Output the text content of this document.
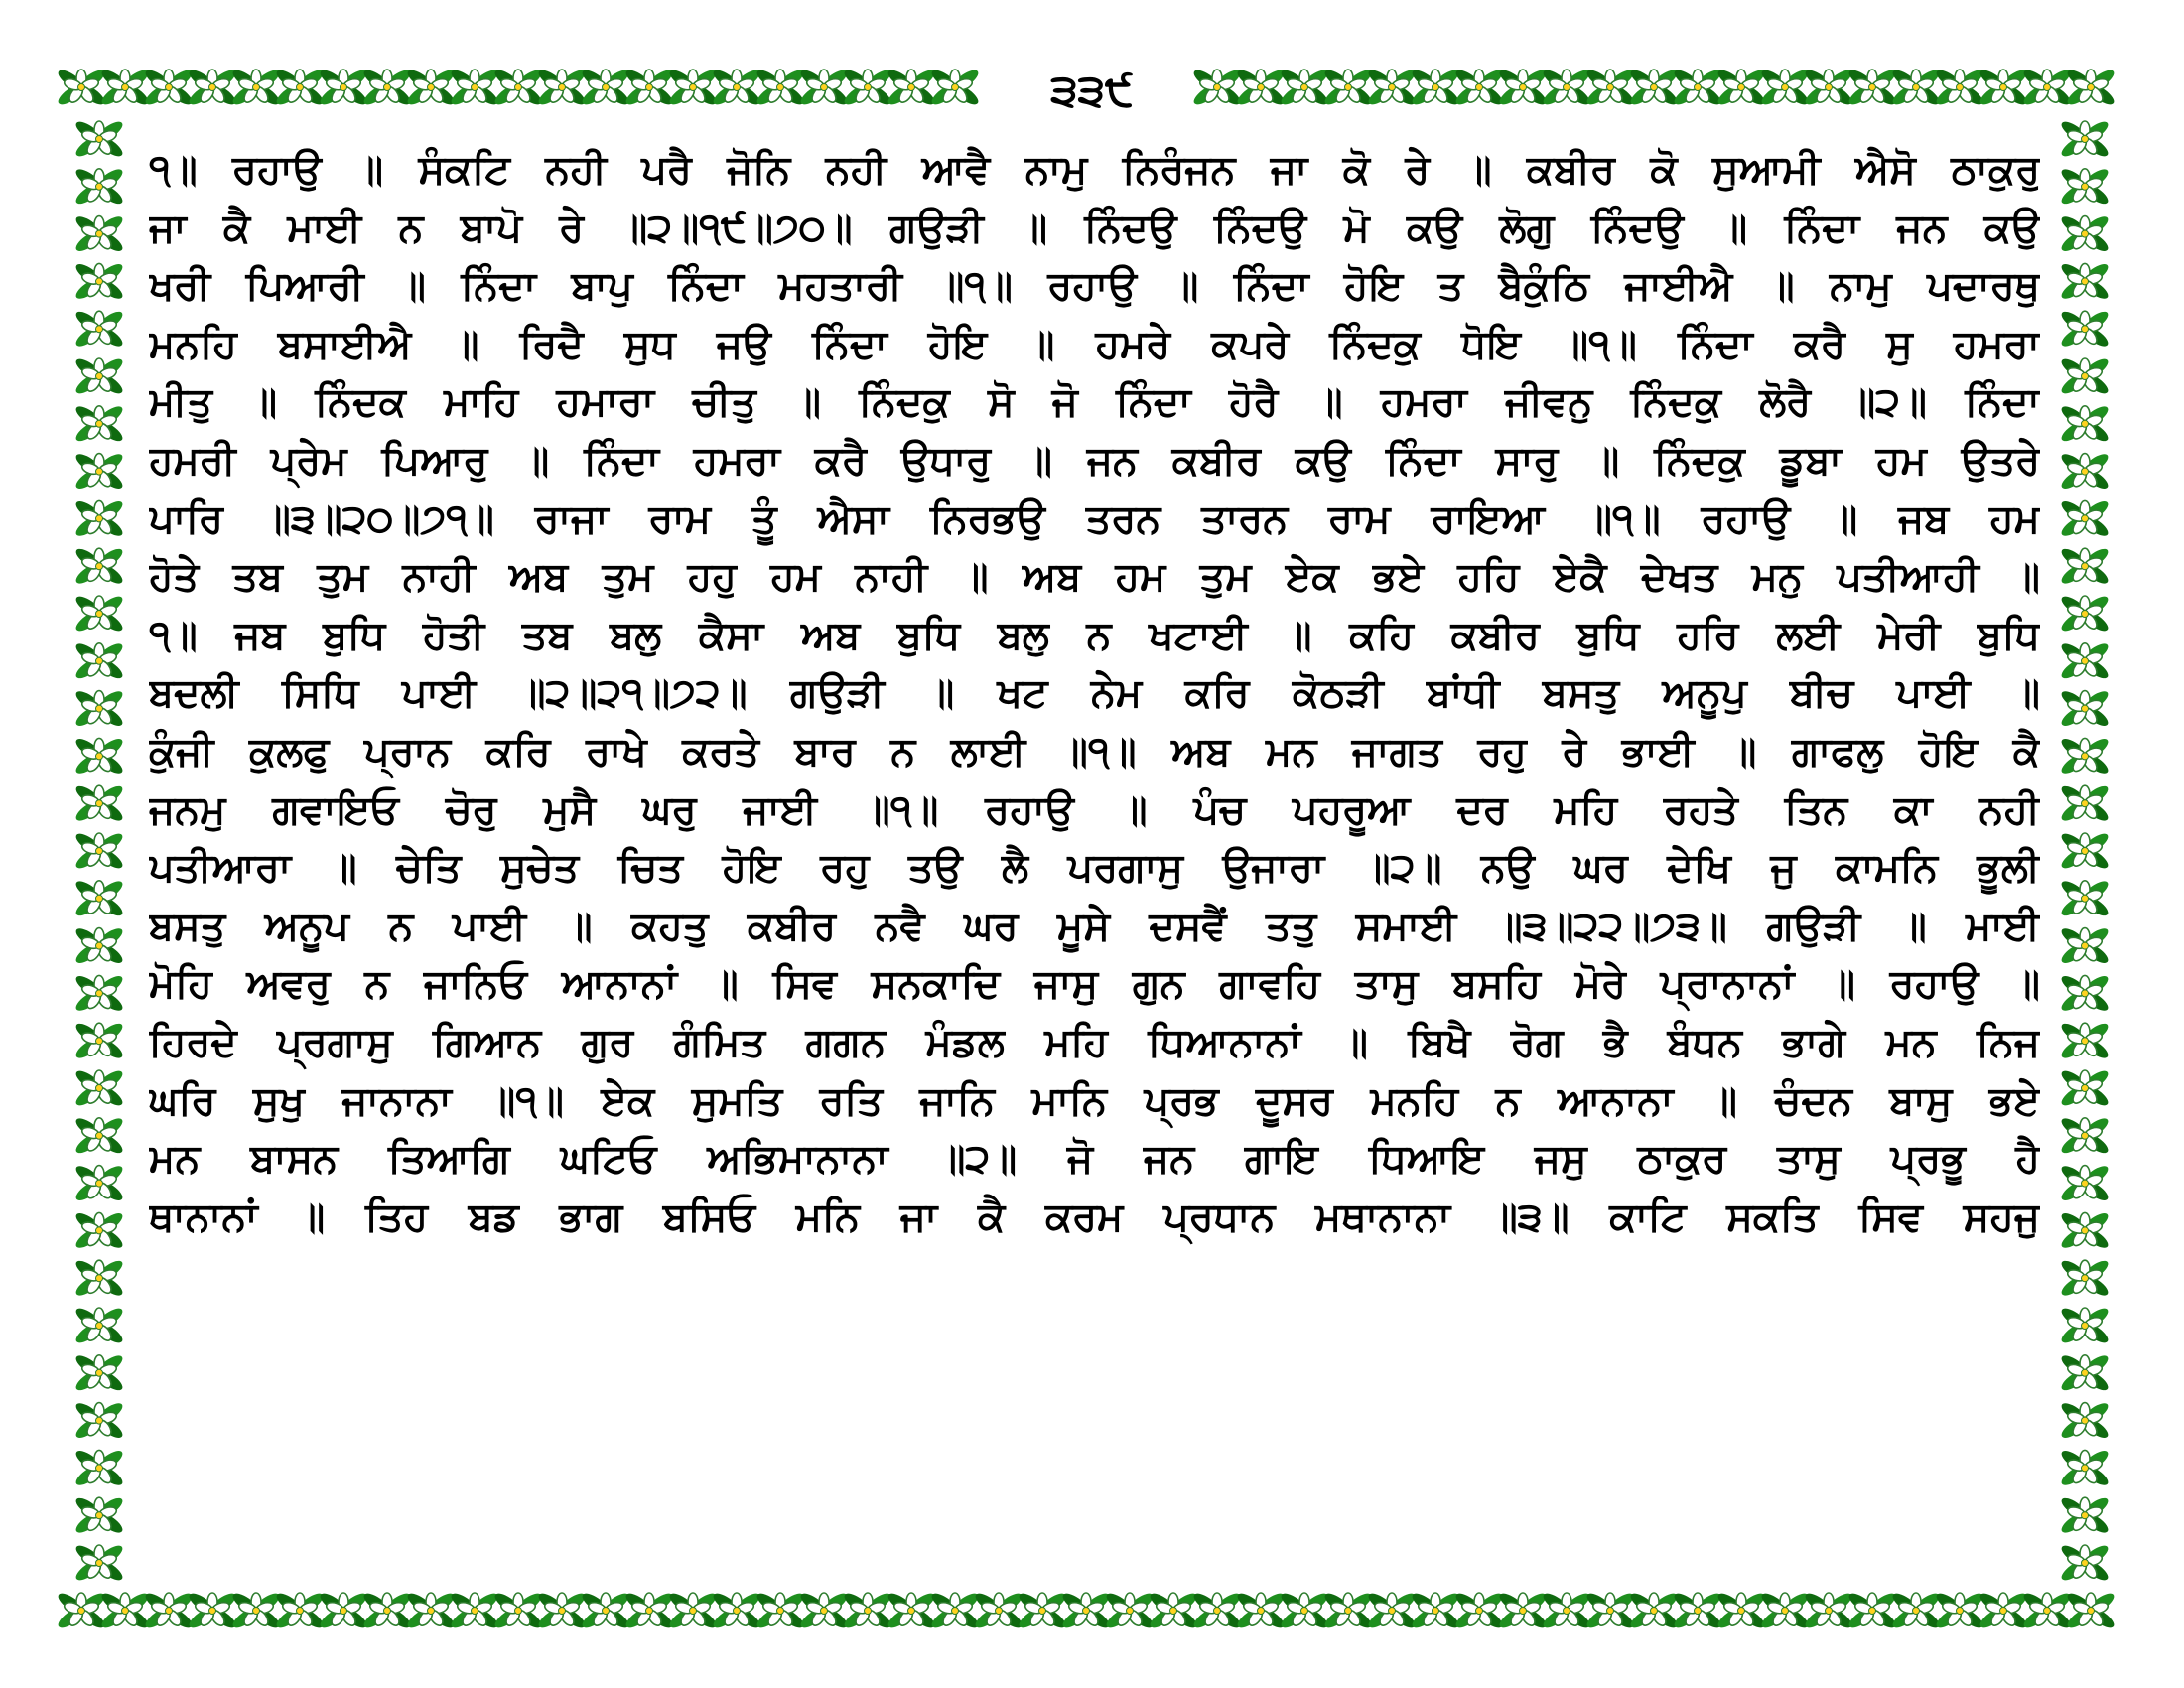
੩੩੯
੧॥ ਰਹਾਉ ॥ ਸੰਕਟਿ ਨਹੀ ਪਰੈ ਜੋਨਿ ਨਹੀ ਆਵੈ ਨਾਮੁ ਨਿਰੰਜਨ ਜਾ ਕੋ ਰੇ ॥ ਕਬੀਰ ਕੋ ਸੁਆਮੀ ਐਸੋ ਠਾਕੁਰੁ
ਜਾ ਕੈ ਮਾਈ ਨ ਬਾਪੋ ਰੇ ॥੨॥੧੯॥੭੦॥ ਗਉੜੀ ॥ ਨਿੰਦਉ ਨਿੰਦਉ ਮੋ ਕਉ ਲੋਗੁ ਨਿੰਦਉ ॥ ਨਿੰਦਾ ਜਨ ਕਉ
ਖਰੀ ਪਿਆਰੀ ॥ ਨਿੰਦਾ ਬਾਪੁ ਨਿੰਦਾ ਮਹਤਾਰੀ ॥੧॥ ਰਹਾਉ ॥ ਨਿੰਦਾ ਹੋਇ ਤ ਬੈਕੁੰਠਿ ਜਾਈਐ ॥ ਨਾਮੁ ਪਦਾਰਥੁ
ਮਨਹਿ ਬਸਾਈਐ ॥ ਰਿਦੈ ਸੁਧ ਜਉ ਨਿੰਦਾ ਹੋਇ ॥ ਹਮਰੇ ਕਪਰੇ ਨਿੰਦਕੁ ਧੋਇ ॥੧॥ ਨਿੰਦਾ ਕਰੈ ਸੁ ਹਮਰਾ
ਮੀਤੁ ॥ ਨਿੰਦਕ ਮਾਹਿ ਹਮਾਰਾ ਚੀਤੁ ॥ ਨਿੰਦਕੁ ਸੋ ਜੋ ਨਿੰਦਾ ਹੋਰੈ ॥ ਹਮਰਾ ਜੀਵਨੁ ਨਿੰਦਕੁ ਲੋਰੈ ॥੨॥ ਨਿੰਦਾ
ਹਮਰੀ ਪ੍ਰੇਮ ਪਿਆਰੁ ॥ ਨਿੰਦਾ ਹਮਰਾ ਕਰੈ ਉਧਾਰੁ ॥ ਜਨ ਕਬੀਰ ਕਉ ਨਿੰਦਾ ਸਾਰੁ ॥ ਨਿੰਦਕੁ ਡੂਬਾ ਹਮ ਉਤਰੇ
ਪਾਰਿ ॥੩॥੨੦॥੭੧॥ ਰਾਜਾ ਰਾਮ ਤੂੰ ਐਸਾ ਨਿਰਭਉ ਤਰਨ ਤਾਰਨ ਰਾਮ ਰਾਇਆ ॥੧॥ ਰਹਾਉ ॥ ਜਬ ਹਮ
ਹੋਤੇ ਤਬ ਤੁਮ ਨਾਹੀ ਅਬ ਤੁਮ ਹਹੁ ਹਮ ਨਾਹੀ ॥ ਅਬ ਹਮ ਤੁਮ ਏਕ ਭਏ ਹਹਿ ਏਕੈ ਦੇਖਤ ਮਨੁ ਪਤੀਆਹੀ ॥
੧॥ ਜਬ ਬੁਧਿ ਹੋਤੀ ਤਬ ਬਲੁ ਕੈਸਾ ਅਬ ਬੁਧਿ ਬਲੁ ਨ ਖਟਾਈ ॥ ਕਹਿ ਕਬੀਰ ਬੁਧਿ ਹਰਿ ਲਈ ਮੇਰੀ ਬੁਧਿ
ਬਦਲੀ ਸਿਧਿ ਪਾਈ ॥੨॥੨੧॥੭੨॥ ਗਉੜੀ ॥ ਖਟ ਨੇਮ ਕਰਿ ਕੋਠੜੀ ਬਾਂਧੀ ਬਸਤੁ ਅਨੂਪੁ ਬੀਚ ਪਾਈ ॥
ਕੁੰਜੀ ਕੁਲਫੁ ਪ੍ਰਾਨ ਕਰਿ ਰਾਖੇ ਕਰਤੇ ਬਾਰ ਨ ਲਾਈ ॥੧॥ ਅਬ ਮਨ ਜਾਗਤ ਰਹੁ ਰੇ ਭਾਈ ॥ ਗਾਫਲੁ ਹੋਇ ਕੈ
ਜਨਮੁ ਗਵਾਇਓ ਚੋਰੁ ਮੁਸੈ ਘਰੁ ਜਾਈ ॥੧॥ ਰਹਾਉ ॥ ਪੰਚ ਪਹਰੂਆ ਦਰ ਮਹਿ ਰਹਤੇ ਤਿਨ ਕਾ ਨਹੀ
ਪਤੀਆਰਾ ॥ ਚੇਤਿ ਸੁਚੇਤ ਚਿਤ ਹੋਇ ਰਹੁ ਤਉ ਲੈ ਪਰਗਾਸੁ ਉਜਾਰਾ ॥੨॥ ਨਉ ਘਰ ਦੇਖਿ ਜੁ ਕਾਮਨਿ ਭੂਲੀ
ਬਸਤੁ ਅਨੂਪ ਨ ਪਾਈ ॥ ਕਹਤੁ ਕਬੀਰ ਨਵੈ ਘਰ ਮੂਸੇ ਦਸਵੈਂ ਤਤੁ ਸਮਾਈ ॥੩॥੨੨॥੭੩॥ ਗਉੜੀ ॥ ਮਾਈ
ਮੋਹਿ ਅਵਰੁ ਨ ਜਾਨਿਓ ਆਨਾਨਾਂ ॥ ਸਿਵ ਸਨਕਾਦਿ ਜਾਸੁ ਗੁਨ ਗਾਵਹਿ ਤਾਸੁ ਬਸਹਿ ਮੋਰੇ ਪ੍ਰਾਨਾਨਾਂ ॥ ਰਹਾਉ ॥
ਹਿਰਦੇ ਪ੍ਰਗਾਸੁ ਗਿਆਨ ਗੁਰ ਗੰਮਿਤ ਗਗਨ ਮੰਡਲ ਮਹਿ ਧਿਆਨਾਨਾਂ ॥ ਬਿਖੈ ਰੋਗ ਭੈ ਬੰਧਨ ਭਾਗੇ ਮਨ ਨਿਜ
ਘਰਿ ਸੁਖੁ ਜਾਨਾਨਾ ॥੧॥ ਏਕ ਸੁਮਤਿ ਰਤਿ ਜਾਨਿ ਮਾਨਿ ਪ੍ਰਭ ਦੂਸਰ ਮਨਹਿ ਨ ਆਨਾਨਾ ॥ ਚੰਦਨ ਬਾਸੁ ਭਏ
ਮਨ ਬਾਸਨ ਤਿਆਗਿ ਘਟਿਓ ਅਭਿਮਾਨਾਨਾ ॥੨॥ ਜੋ ਜਨ ਗਾਇ ਧਿਆਇ ਜਸੁ ਠਾਕੁਰ ਤਾਸੁ ਪ੍ਰਭੂ ਹੈ
ਥਾਨਾਨਾਂ ॥ ਤਿਹ ਬਡ ਭਾਗ ਬਸਿਓ ਮਨਿ ਜਾ ਕੈ ਕਰਮ ਪ੍ਰਧਾਨ ਮਥਾਨਾਨਾ ॥੩॥ ਕਾਟਿ ਸਕਤਿ ਸਿਵ ਸਹਜੁ
